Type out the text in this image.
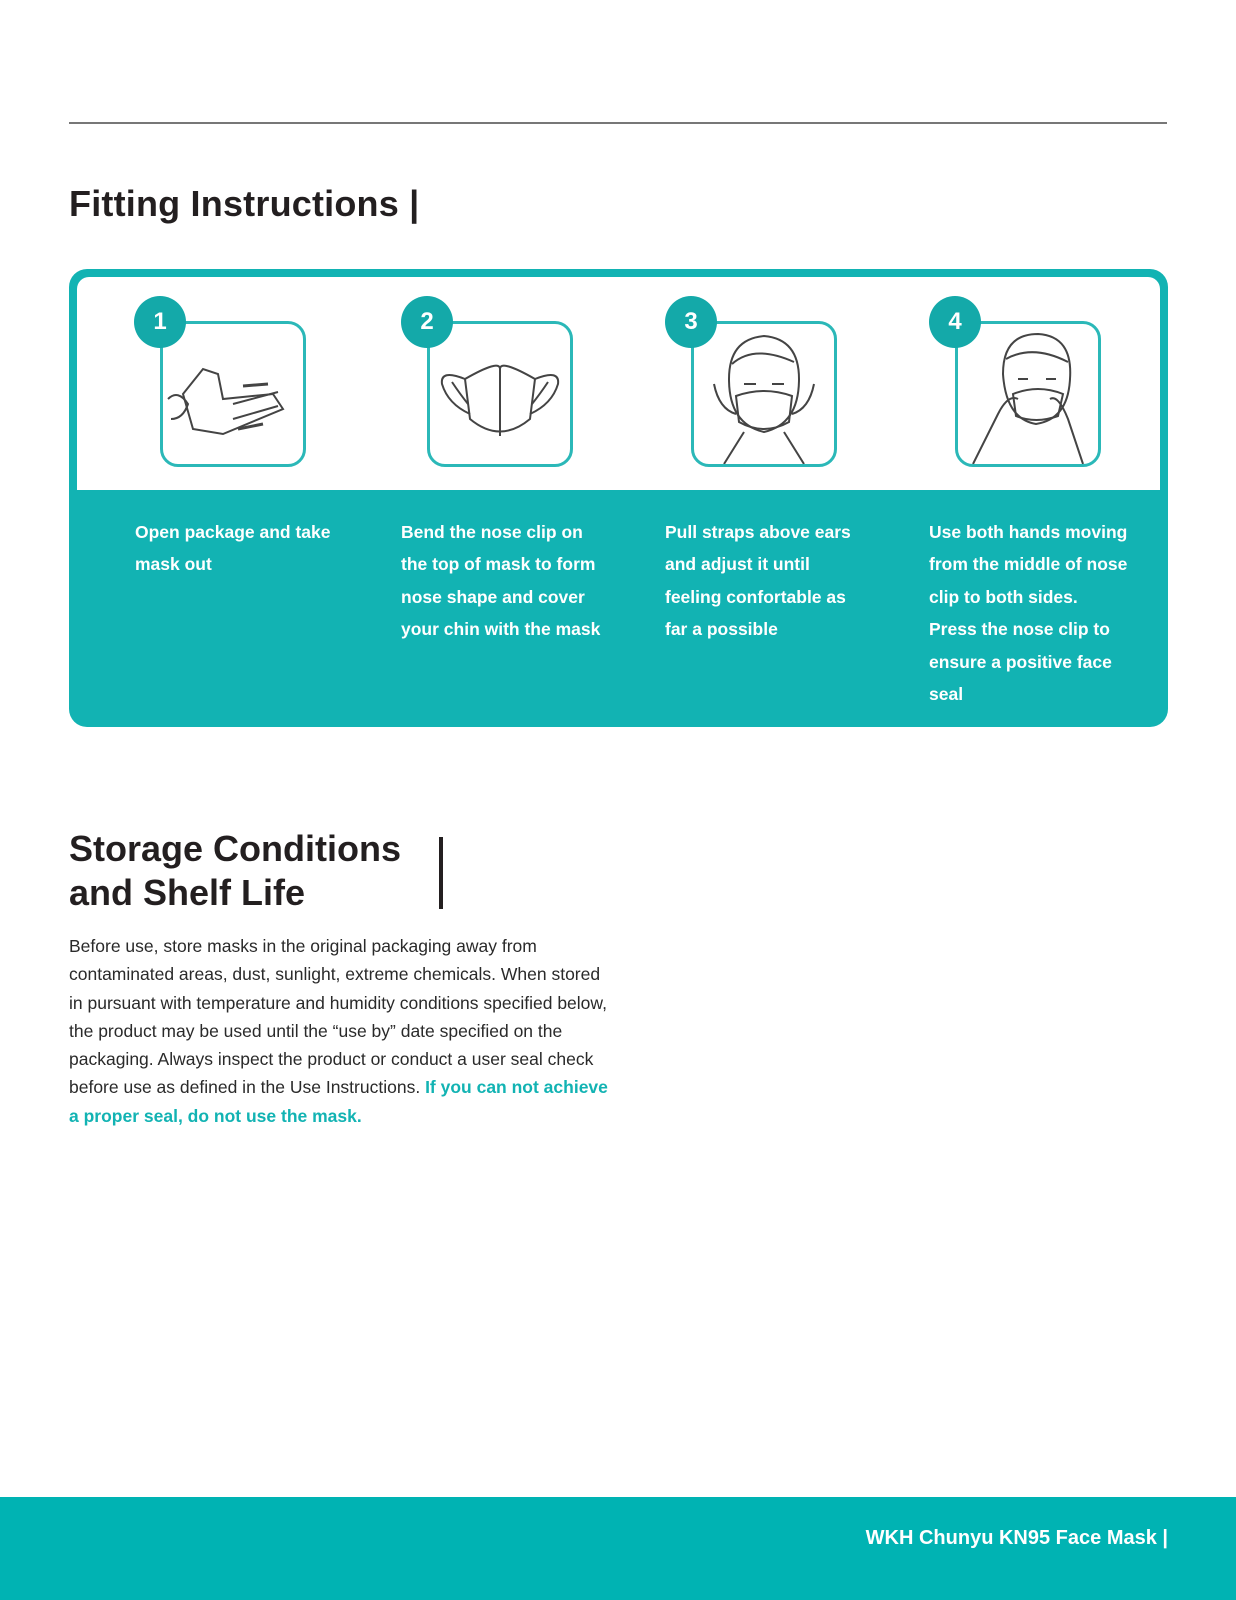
Fitting Instructions |
1	2	3	4
Open package and take mask out
Bend the nose clip on the top of mask to form nose shape and cover your chin with the mask
Pull straps above ears and adjust it until feeling confortable as far a possible
Use both hands moving from the middle of nose clip to both sides. Press the nose clip to ensure a positive face seal
Storage Conditions and Shelf Life

Before use, store masks in the original packaging away from contaminated areas, dust, sunlight, extreme chemicals. When stored in pursuant with temperature and humidity conditions specified below, the product may be used until the “use by” date specified on the packaging. Always inspect the product or conduct a user seal check before use as defined in the Use Instructions. If you can not achieve a proper seal, do not use the mask.

WKH Chunyu KN95 Face Mask |
